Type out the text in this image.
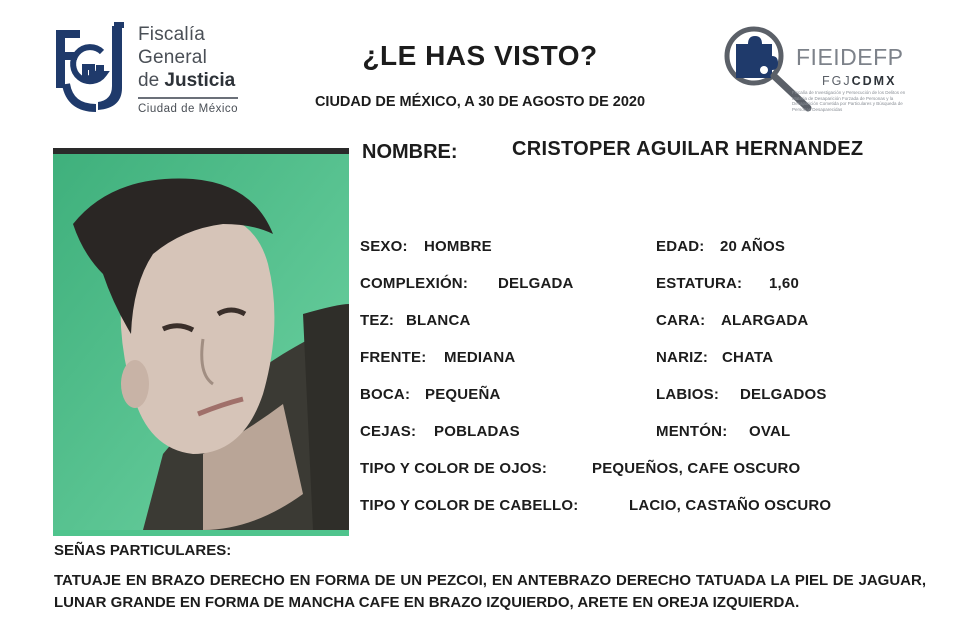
Fiscalía
General
de Justicia
Ciudad de México
¿LE HAS VISTO?
CIUDAD DE MÉXICO, A 30 DE AGOSTO DE 2020
FIEIDEFP
FGJCDMX
Fiscalía de Investigación y Persecución de los Delitos en Materia de Desaparición Forzada de Personas y la Desaparición Cometida por Particulares y Búsqueda de Personas Desaparecidas
NOMBRE:	CRISTOPER AGUILAR HERNANDEZ
SEXO: HOMBRE	EDAD: 20 AÑOS
COMPLEXIÓN: DELGADA	ESTATURA: 1,60
TEZ: BLANCA	CARA: ALARGADA
FRENTE: MEDIANA	NARIZ: CHATA
BOCA: PEQUEÑA	LABIOS: DELGADOS
CEJAS: POBLADAS	MENTÓN: OVAL
TIPO Y COLOR DE OJOS:	PEQUEÑOS, CAFE OSCURO
TIPO Y COLOR DE CABELLO:	LACIO, CASTAÑO OSCURO
SEÑAS PARTICULARES:
TATUAJE EN BRAZO DERECHO EN FORMA DE UN PEZCOI, EN ANTEBRAZO DERECHO TATUADA LA PIEL DE JAGUAR, LUNAR GRANDE EN FORMA DE MANCHA CAFE EN BRAZO IZQUIERDO, ARETE EN OREJA IZQUIERDA.
